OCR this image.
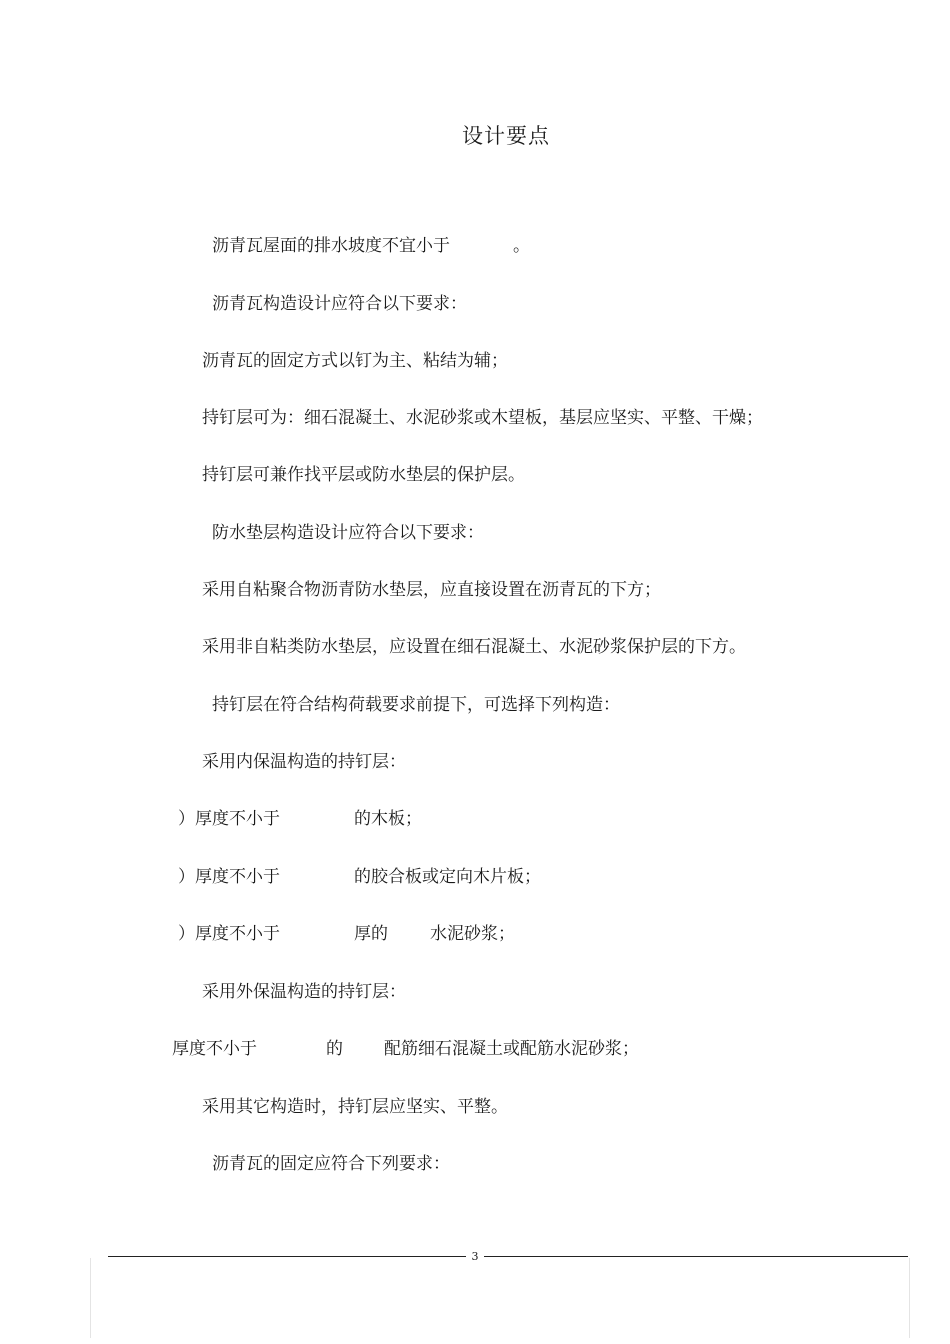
设计要点

沥青瓦屋面的排水坡度不宜小于

	。

沥青瓦构造设计应符合以下要求：

沥青瓦的固定方式以钉为主、粘结为辅；

持钉层可为：细石混凝土、水泥砂浆或木望板，基层应坚实、平整、干燥；

持钉层可兼作找平层或防水垫层的保护层。

防水垫层构造设计应符合以下要求：

采用自粘聚合物沥青防水垫层，应直接设置在沥青瓦的下方；

采用非自粘类防水垫层，应设置在细石混凝土、水泥砂浆保护层的下方。

持钉层在符合结构荷载要求前提下，可选择下列构造：

采用内保温构造的持钉层：

）厚度不小于

	的木板；

）厚度不小于

	的胶合板或定向木片板；

）厚度不小于

	厚的

水泥砂浆；

采用外保温构造的持钉层：

厚度不小于

	的

配筋细石混凝土或配筋水泥砂浆；

采用其它构造时，持钉层应坚实、平整。

沥青瓦的固定应符合下列要求：

3
